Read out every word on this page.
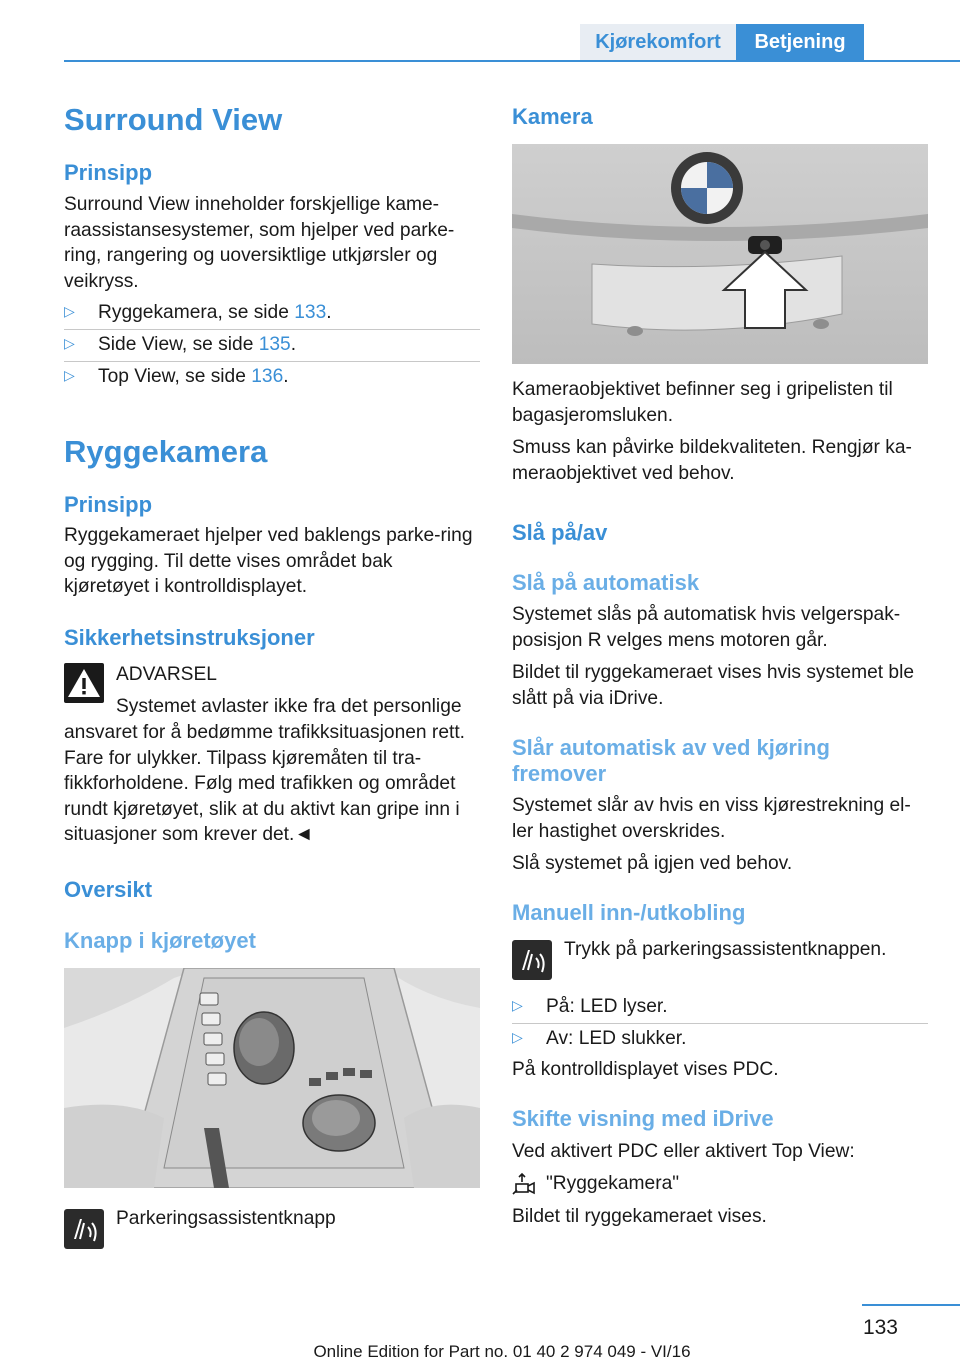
Kjørekomfort	Betjening
Surround View
Prinsipp

Surround View inneholder forskjellige kame-raassistansesystemer, som hjelper ved parke-ring, rangering og uoversiktlige utkjørsler og veikryss.

▷ Ryggekamera, se side 133.
▷ Side View, se side 135.
▷ Top View, se side 136.
Ryggekamera
Prinsipp

Ryggekameraet hjelper ved baklengs parke-ring og rygging. Til dette vises området bak kjøretøyet i kontrolldisplayet.

Sikkerhetsinstruksjoner

ADVARSEL

Systemet avlaster ikke fra det personlige

ansvaret for å bedømme trafikksituasjonen rett. Fare for ulykker. Tilpass kjøremåten til tra-fikkforholdene. Følg med trafikken og området rundt kjøretøyet, slik at du aktivt kan gripe inn i situasjoner som krever det.◄

Oversikt
Knapp i kjøretøyet

Parkeringsassistentknapp

Kamera

Kameraobjektivet befinner seg i gripelisten til bagasjeromsluken.

Smuss kan påvirke bildekvaliteten. Rengjør ka-meraobjektivet ved behov.

Slå på/av
Slå på automatisk

Systemet slås på automatisk hvis velgerspak-posisjon R velges mens motoren går.

Bildet til ryggekameraet vises hvis systemet ble slått på via iDrive.

Slår automatisk av ved kjøring fremover

Systemet slår av hvis en viss kjørestrekning el-ler hastighet overskrides.

Slå systemet på igjen ved behov.

Manuell inn-/utkobling

Trykk på parkeringsassistentknappen.

▷ På: LED lyser.
▷ Av: LED slukker.

På kontrolldisplayet vises PDC.

Skifte visning med iDrive

Ved aktivert PDC eller aktivert Top View:

"Ryggekamera"

Bildet til ryggekameraet vises.

133
Online Edition for Part no. 01 40 2 974 049 - VI/16
